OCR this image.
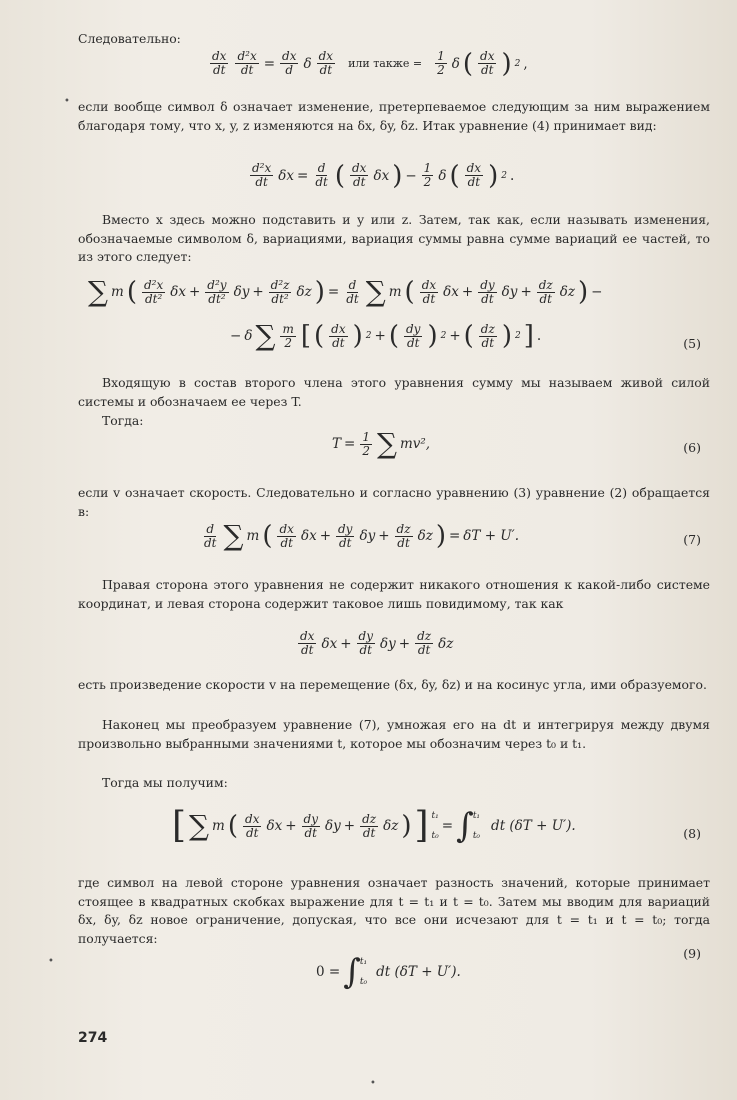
Следовательно:
dx
dt $\frac{\text{d²x}}{dt} = \frac{dx}{d}$ δ dx
dt или также = $\frac{1}{2}$ δ ( dx
dt ) 2 ,
если вообще символ δ означает изменение, претерпеваемое следующим за ним выражением благодаря тому, что x, y, z изменяются на δx, δy, δz. Итак уравнение (4) принимает вид:
d²x
dt $\delta x = \frac{d}{dt}$ ( dx
dt δx ) − $\frac{1}{2}$ δ ( dx
dt ) 2 .
Вместо x здесь можно подставить и y или z. Затем, так как, если называть изменения, обозначаемые символом δ, вариациями, вариация суммы равна сумме вариаций ее частей, то из этого следует:
∑ m ( d²x
dt² $\delta x + \frac{\text{d²y}}{\text{dt²}}$ $\delta y + \frac{\text{d²z}}{\text{dt²}}$ δz ) = $\frac{d}{dt}$ ∑ m ( dx
dt $\delta x + \frac{dy}{dt}$ $\delta y + \frac{dz}{dt}$ δz ) −
− δ ∑ m
2 [ ( dx
dt ) 2 + ( dy
dt ) 2 + ( dz
dt ) 2 ] .	(5)
Входящую в состав второго члена этого уравнения сумму мы называем живой силой системы и обозначаем ее через T.
Тогда:
$T = \frac{1}{2}$ ∑ mv²,	(6)
если v означает скорость. Следовательно и согласно уравнению (3) уравнение (2) обращается в:
d
dt ∑ m ( dx
dt $\delta x + \frac{dy}{dt}$ $\delta y + \frac{dz}{dt}$ δz ) = δT + U′.	(7)
Правая сторона этого уравнения не содержит никакого отношения к какой-либо системе координат, и левая сторона содержит таковое лишь повидимому, так как
dx
dt $\delta x + \frac{dy}{dt}$ $\delta y + \frac{dz}{dt}$ δz
есть произведение скорости v на перемещение (δx, δy, δz) и на косинус угла, ими образуемого.
Наконец мы преобразуем уравнение (7), умножая его на dt и интегрируя между двумя произвольно выбранными значениями t, которое мы обозначим через t₀ и t₁.
Тогда мы получим:
[ ∑ m ( dx
dt $\delta x + \frac{dy}{dt}$ $\delta y + \frac{dz}{dt}$ δz ) ] t₁
t₀
= ∫ t₁
t₀
dt (δT + U′).	(8)
где символ на левой стороне уравнения означает разность значений, которые принимает стоящее в квадратных скобках выражение для t = t₁ и t = t₀. Затем мы вводим для вариаций δx, δy, δz новое ограничение, допуская, что все они исчезают для t = t₁ и t = t₀; тогда получается:
0 = ∫ t₁
t₀
dt (δT + U′).
(9)
274
•
•
•
